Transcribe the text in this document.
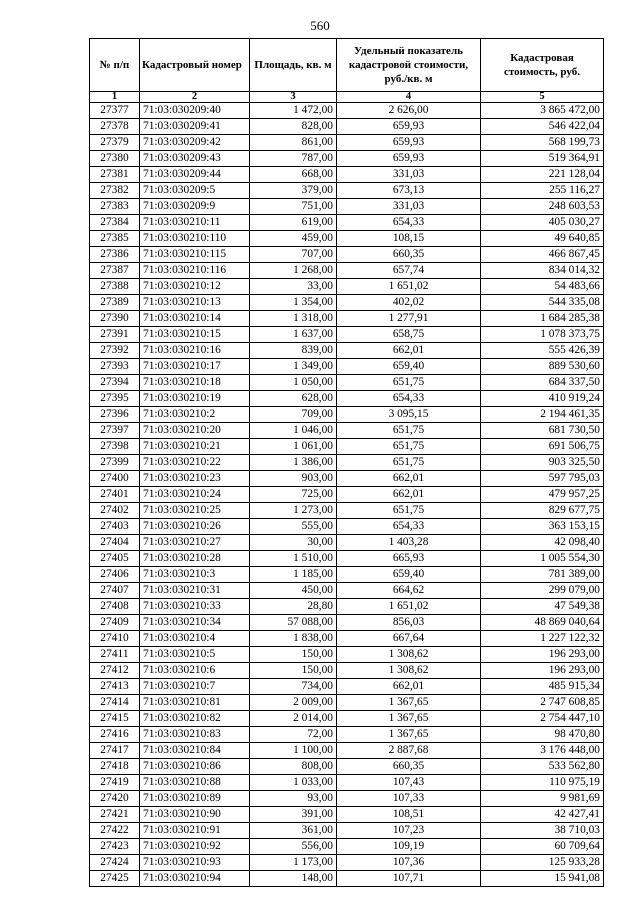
560
№ п/п	Кадастровый номер	Площадь, кв. м	Удельный показатель кадастровой стоимости, руб./кв. м	Кадастровая стоимость, руб.
1	2	3	4	5
27377	71:03:030209:40	1 472,00	2 626,00	3 865 472,00
27378	71:03:030209:41	828,00	659,93	546 422,04
27379	71:03:030209:42	861,00	659,93	568 199,73
27380	71:03:030209:43	787,00	659,93	519 364,91
27381	71:03:030209:44	668,00	331,03	221 128,04
27382	71:03:030209:5	379,00	673,13	255 116,27
27383	71:03:030209:9	751,00	331,03	248 603,53
27384	71:03:030210:11	619,00	654,33	405 030,27
27385	71:03:030210:110	459,00	108,15	49 640,85
27386	71:03:030210:115	707,00	660,35	466 867,45
27387	71:03:030210:116	1 268,00	657,74	834 014,32
27388	71:03:030210:12	33,00	1 651,02	54 483,66
27389	71:03:030210:13	1 354,00	402,02	544 335,08
27390	71:03:030210:14	1 318,00	1 277,91	1 684 285,38
27391	71:03:030210:15	1 637,00	658,75	1 078 373,75
27392	71:03:030210:16	839,00	662,01	555 426,39
27393	71:03:030210:17	1 349,00	659,40	889 530,60
27394	71:03:030210:18	1 050,00	651,75	684 337,50
27395	71:03:030210:19	628,00	654,33	410 919,24
27396	71:03:030210:2	709,00	3 095,15	2 194 461,35
27397	71:03:030210:20	1 046,00	651,75	681 730,50
27398	71:03:030210:21	1 061,00	651,75	691 506,75
27399	71:03:030210:22	1 386,00	651,75	903 325,50
27400	71:03:030210:23	903,00	662,01	597 795,03
27401	71:03:030210:24	725,00	662,01	479 957,25
27402	71:03:030210:25	1 273,00	651,75	829 677,75
27403	71:03:030210:26	555,00	654,33	363 153,15
27404	71:03:030210:27	30,00	1 403,28	42 098,40
27405	71:03:030210:28	1 510,00	665,93	1 005 554,30
27406	71:03:030210:3	1 185,00	659,40	781 389,00
27407	71:03:030210:31	450,00	664,62	299 079,00
27408	71:03:030210:33	28,80	1 651,02	47 549,38
27409	71:03:030210:34	57 088,00	856,03	48 869 040,64
27410	71:03:030210:4	1 838,00	667,64	1 227 122,32
27411	71:03:030210:5	150,00	1 308,62	196 293,00
27412	71:03:030210:6	150,00	1 308,62	196 293,00
27413	71:03:030210:7	734,00	662,01	485 915,34
27414	71:03:030210:81	2 009,00	1 367,65	2 747 608,85
27415	71:03:030210:82	2 014,00	1 367,65	2 754 447,10
27416	71:03:030210:83	72,00	1 367,65	98 470,80
27417	71:03:030210:84	1 100,00	2 887,68	3 176 448,00
27418	71:03:030210:86	808,00	660,35	533 562,80
27419	71:03:030210:88	1 033,00	107,43	110 975,19
27420	71:03:030210:89	93,00	107,33	9 981,69
27421	71:03:030210:90	391,00	108,51	42 427,41
27422	71:03:030210:91	361,00	107,23	38 710,03
27423	71:03:030210:92	556,00	109,19	60 709,64
27424	71:03:030210:93	1 173,00	107,36	125 933,28
27425	71:03:030210:94	148,00	107,71	15 941,08
